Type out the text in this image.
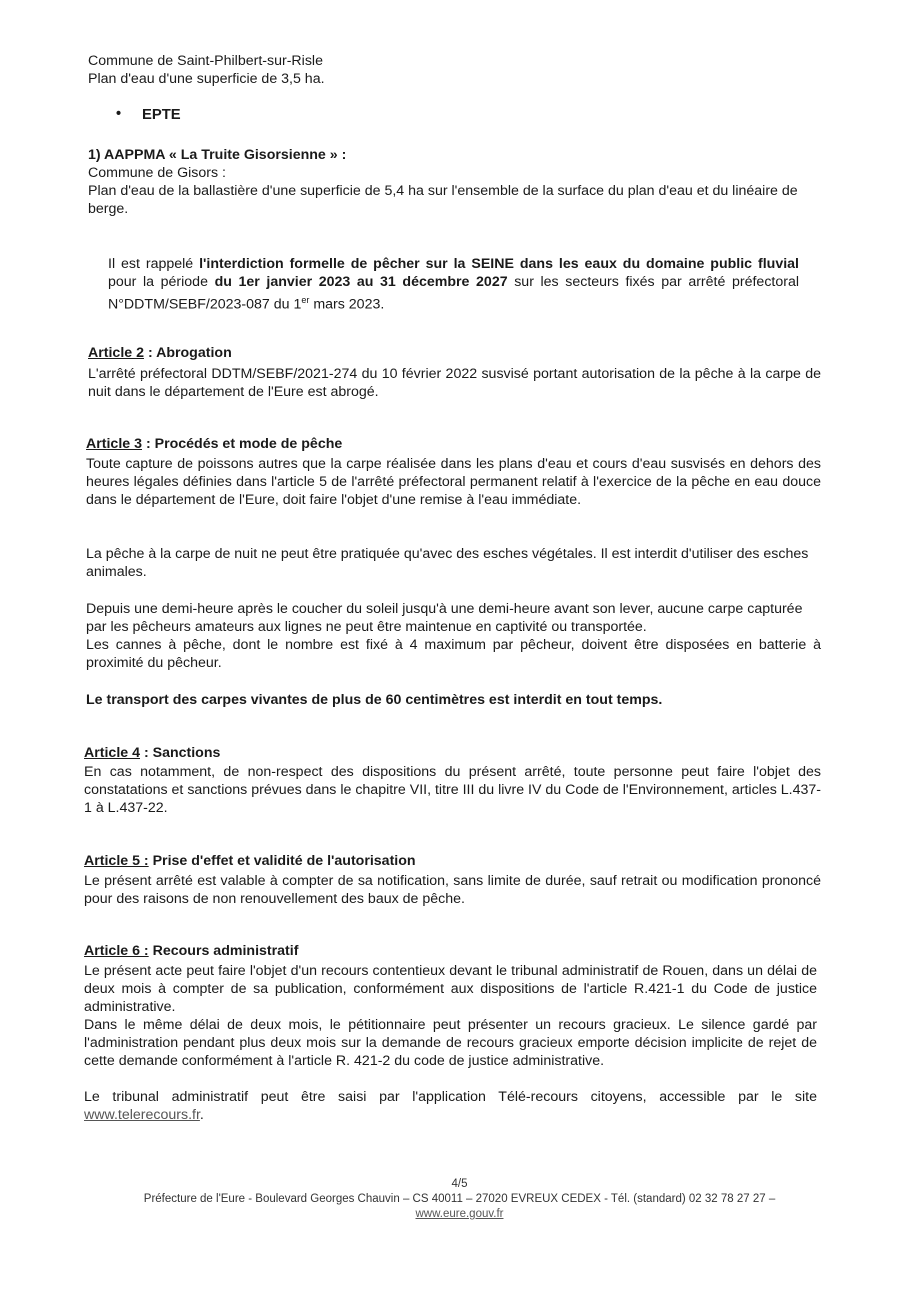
Commune de Saint-Philbert-sur-Risle

Plan d'eau d'une superficie de 3,5 ha.

• EPTE

1) AAPPMA « La Truite Gisorsienne » :

Commune de Gisors :

Plan d'eau de la ballastière d'une superficie de 5,4 ha sur l'ensemble de la surface du plan d'eau et du linéaire de berge.

Il est rappelé l'interdiction formelle de pêcher sur la SEINE dans les eaux du domaine public fluvial pour la période du 1er janvier 2023 au 31 décembre 2027 sur les secteurs fixés par arrêté préfectoral N°DDTM/SEBF/2023-087 du 1er mars 2023.

Article 2 : Abrogation

L'arrêté préfectoral DDTM/SEBF/2021-274 du 10 février 2022 susvisé portant autorisation de la pêche à la carpe de nuit dans le département de l'Eure est abrogé.

Article 3 : Procédés et mode de pêche

Toute capture de poissons autres que la carpe réalisée dans les plans d'eau et cours d'eau susvisés en dehors des heures légales définies dans l'article 5 de l'arrêté préfectoral permanent relatif à l'exercice de la pêche en eau douce dans le département de l'Eure, doit faire l'objet d'une remise à l'eau immédiate.

La pêche à la carpe de nuit ne peut être pratiquée qu'avec des esches végétales. Il est interdit d'utiliser des esches animales.

Depuis une demi-heure après le coucher du soleil jusqu'à une demi-heure avant son lever, aucune carpe capturée par les pêcheurs amateurs aux lignes ne peut être maintenue en captivité ou transportée.

Les cannes à pêche, dont le nombre est fixé à 4 maximum par pêcheur, doivent être disposées en batterie à proximité du pêcheur.

Le transport des carpes vivantes de plus de 60 centimètres est interdit en tout temps.

Article 4 : Sanctions

En cas notamment, de non-respect des dispositions du présent arrêté, toute personne peut faire l'objet des constatations et sanctions prévues dans le chapitre VII, titre III du livre IV du Code de l'Environnement, articles L.437-1 à L.437-22.

Article 5 : Prise d'effet et validité de l'autorisation

Le présent arrêté est valable à compter de sa notification, sans limite de durée, sauf retrait ou modification prononcé pour des raisons de non renouvellement des baux de pêche.

Article 6 : Recours administratif

Le présent acte peut faire l'objet d'un recours contentieux devant le tribunal administratif de Rouen, dans un délai de deux mois à compter de sa publication, conformément aux dispositions de l'article R.421-1 du Code de justice administrative.

Dans le même délai de deux mois, le pétitionnaire peut présenter un recours gracieux. Le silence gardé par l'administration pendant plus deux mois sur la demande de recours gracieux emporte décision implicite de rejet de cette demande conformément à l'article R. 421-2 du code de justice administrative.

Le tribunal administratif peut être saisi par l'application Télé-recours citoyens, accessible par le site www.telerecours.fr.

4/5
Préfecture de l'Eure - Boulevard Georges Chauvin – CS 40011 – 27020 EVREUX CEDEX - Tél. (standard) 02 32 78 27 27 –
www.eure.gouv.fr
